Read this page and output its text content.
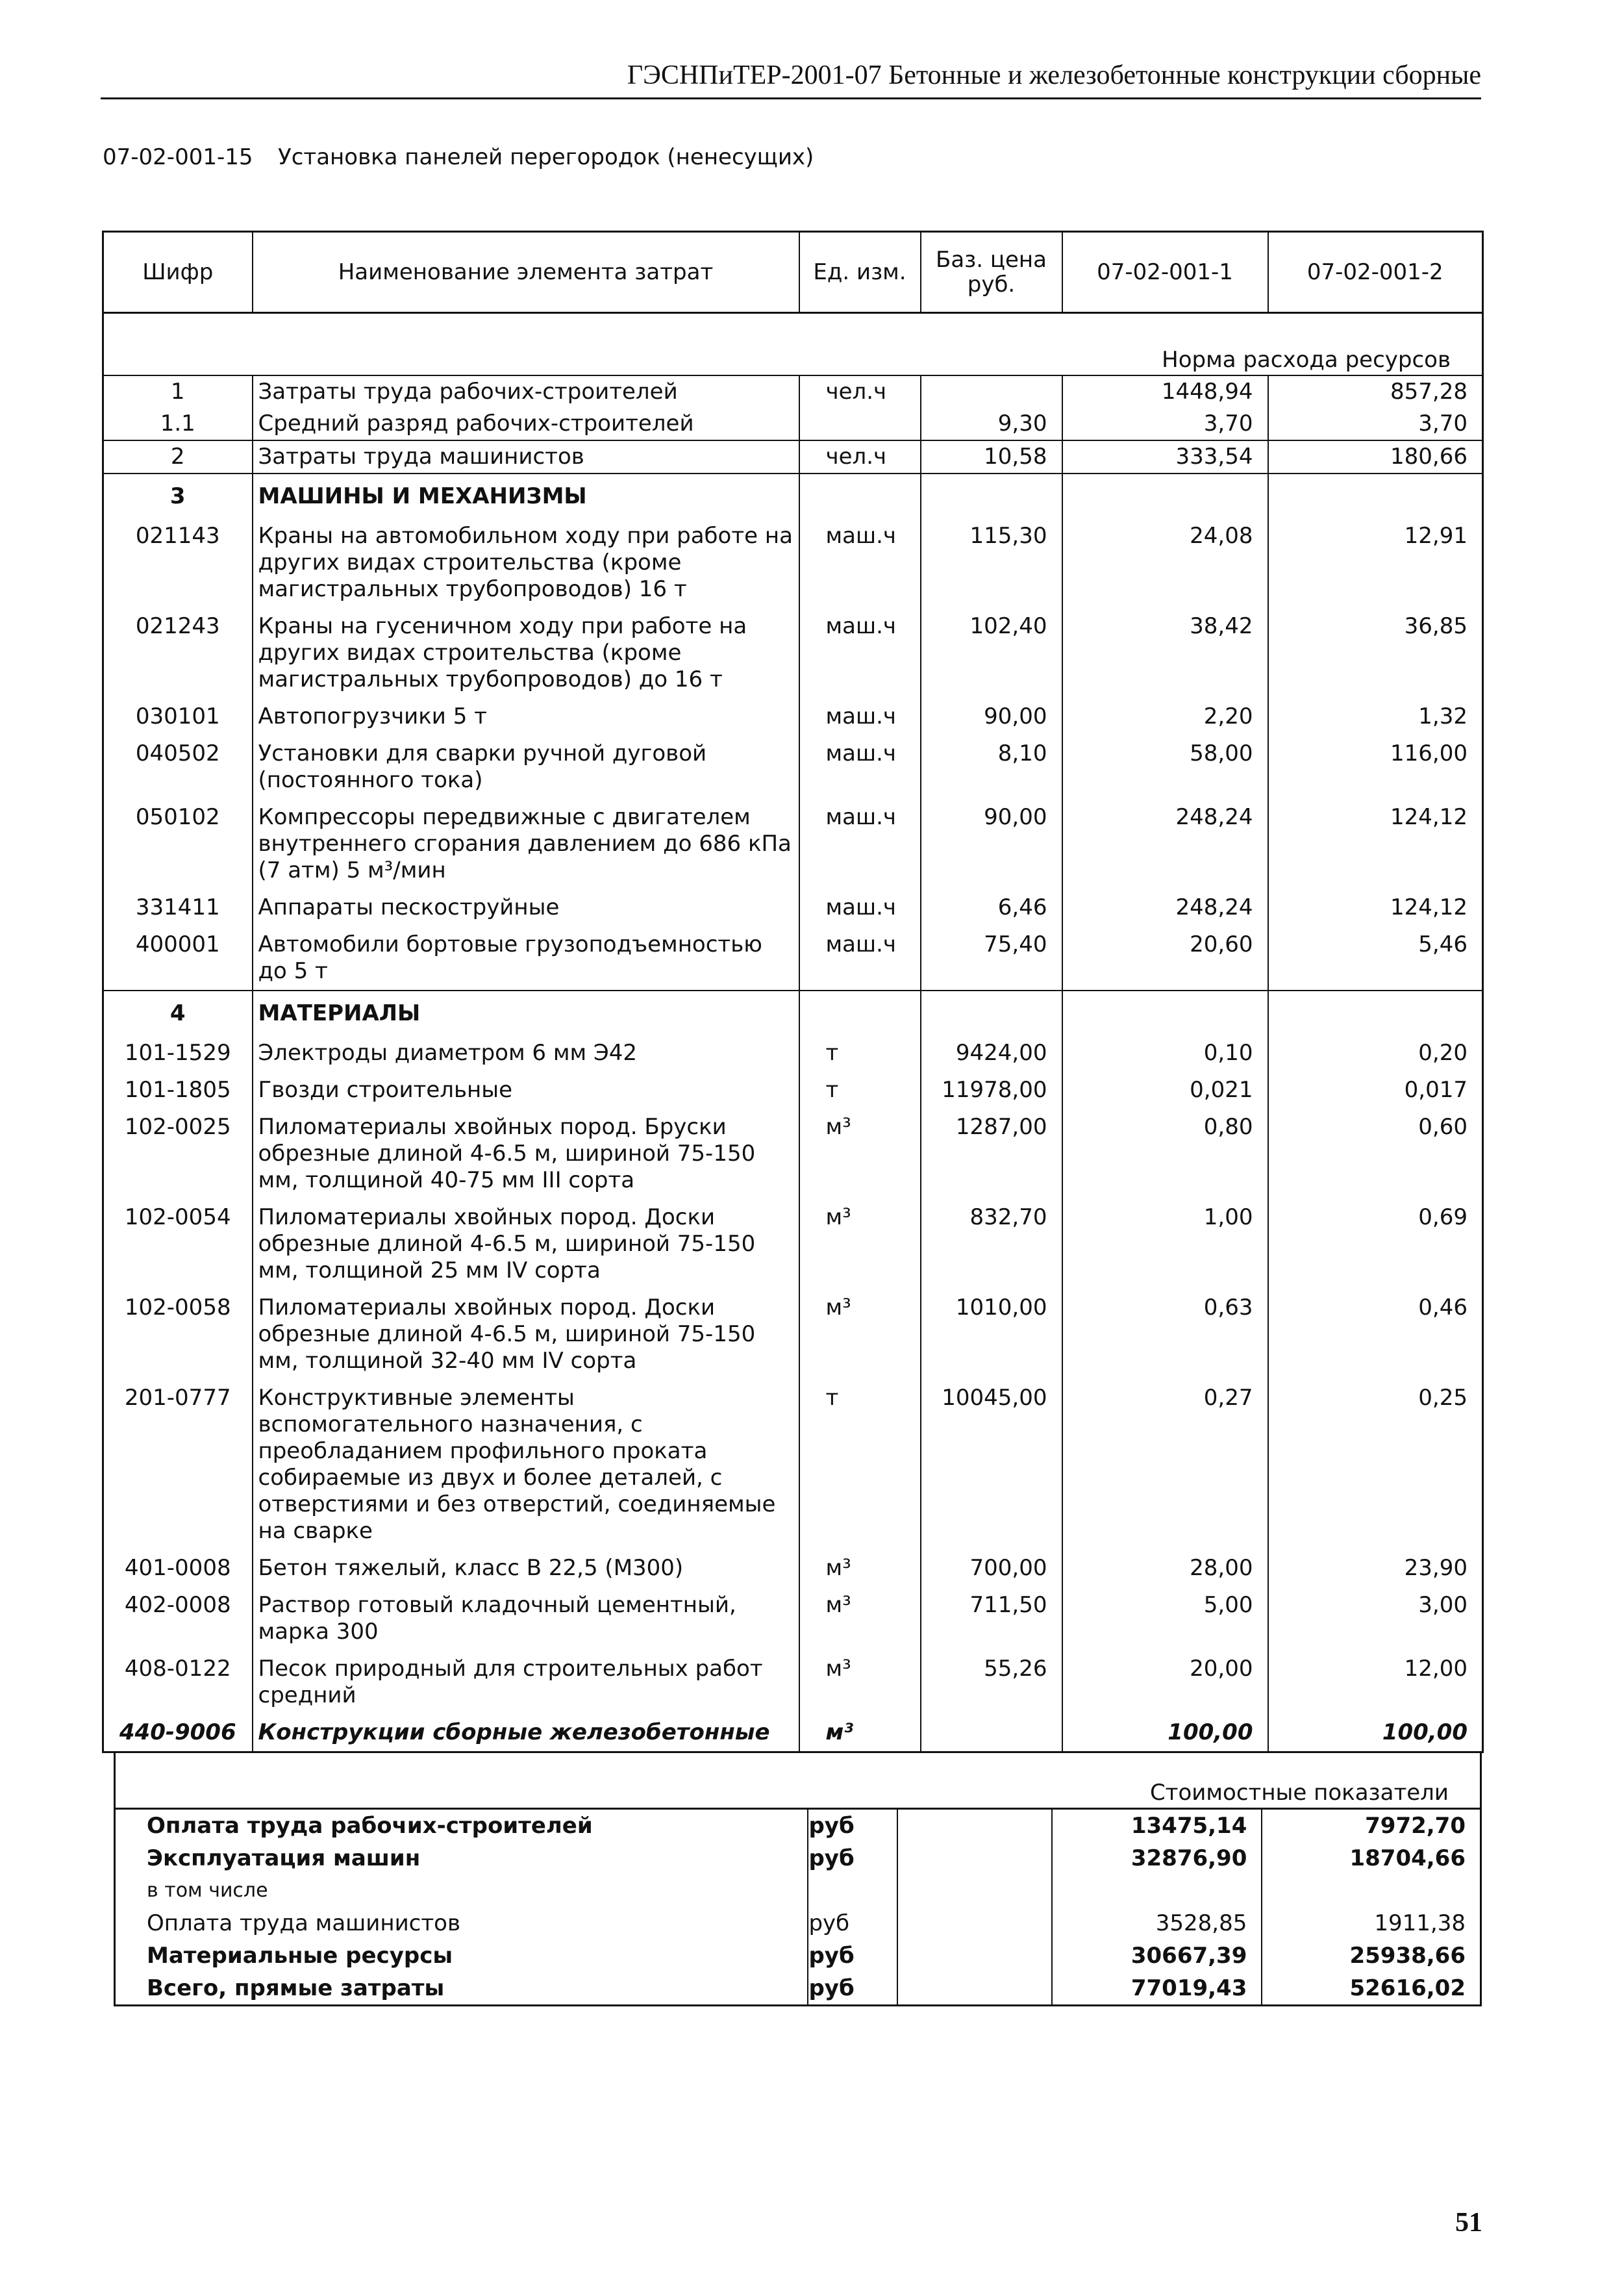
ГЭСНПиТЕР-2001-07 Бетонные и железобетонные конструкции сборные
07-02-001-15 Установка панелей перегородок (ненесущих)
Шифр	Наименование элемента затрат	Ед. изм.	Баз. цена руб.	07-02-001-1	07-02-001-2

Норма расхода ресурсов					
1	Затраты труда рабочих-строителей	чел.ч		1448,94	857,28
1.1	Средний разряд рабочих-строителей		9,30	3,70	3,70
2	Затраты труда машинистов	чел.ч	10,58	333,54	180,66
3	МАШИНЫ И МЕХАНИЗМЫ				
021143	Краны на автомобильном ходу при работе на других видах строительства (кроме магистральных трубопроводов) 16 т	маш.ч	115,30	24,08	12,91
021243	Краны на гусеничном ходу при работе на других видах строительства (кроме магистральных трубопроводов) до 16 т	маш.ч	102,40	38,42	36,85
030101	Автопогрузчики 5 т	маш.ч	90,00	2,20	1,32
040502	Установки для сварки ручной дуговой (постоянного тока)	маш.ч	8,10	58,00	116,00
050102	Компрессоры передвижные с двигателем внутреннего сгорания давлением до 686 кПа (7 атм) 5 м³/мин	маш.ч	90,00	248,24	124,12
331411	Аппараты пескоструйные	маш.ч	6,46	248,24	124,12
400001	Автомобили бортовые грузоподъемностью до 5 т	маш.ч	75,40	20,60	5,46
4	МАТЕРИАЛЫ				
101-1529	Электроды диаметром 6 мм Э42	т	9424,00	0,10	0,20
101-1805	Гвозди строительные	т	11978,00	0,021	0,017
102-0025	Пиломатериалы хвойных пород. Бруски обрезные длиной 4-6.5 м, шириной 75-150 мм, толщиной 40-75 мм III сорта	м³	1287,00	0,80	0,60
102-0054	Пиломатериалы хвойных пород. Доски обрезные длиной 4-6.5 м, шириной 75-150 мм, толщиной 25 мм IV сорта	м³	832,70	1,00	0,69
102-0058	Пиломатериалы хвойных пород. Доски обрезные длиной 4-6.5 м, шириной 75-150 мм, толщиной 32-40 мм IV сорта	м³	1010,00	0,63	0,46
201-0777	Конструктивные элементы вспомогательного назначения, с преобладанием профильного проката собираемые из двух и более деталей, с отверстиями и без отверстий, соединяемые на сварке	т	10045,00	0,27	0,25
401-0008	Бетон тяжелый, класс В 22,5 (М300)	м³	700,00	28,00	23,90
402-0008	Раствор готовый кладочный цементный, марка 300	м³	711,50	5,00	3,00
408-0122	Песок природный для строительных работ средний	м³	55,26	20,00	12,00
440-9006	Конструкции сборные железобетонные	м³		100,00	100,00
51
Стоимостные показатели				
Оплата труда рабочих-строителей	руб		13475,14	7972,70
Эксплуатация машин	руб		32876,90	18704,66
в том числе				
Оплата труда машинистов	руб		3528,85	1911,38
Материальные ресурсы	руб		30667,39	25938,66
Всего, прямые затраты	руб		77019,43	52616,02
